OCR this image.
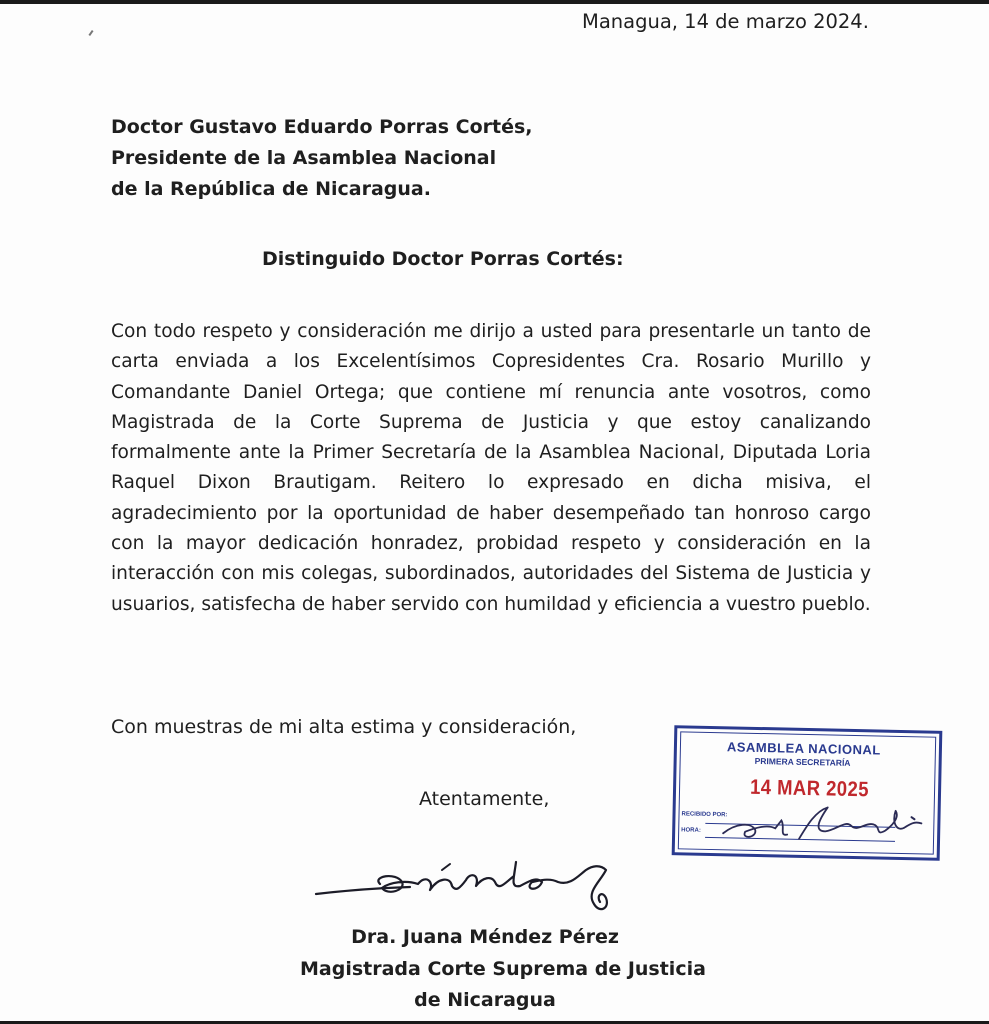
Managua, 14 de marzo 2024.
Doctor Gustavo Eduardo Porras Cortés,
Presidente de la Asamblea Nacional
de la República de Nicaragua.
Distinguido Doctor Porras Cortés:
Con todo respeto y consideración me dirijo a usted para presentarle un tanto de carta enviada a los Excelentísimos Copresidentes Cra. Rosario Murillo y Comandante Daniel Ortega; que contiene mí renuncia ante vosotros, como Magistrada de la Corte Suprema de Justicia y que estoy canalizando formalmente ante la Primer Secretaría de la Asamblea Nacional, Diputada Loria Raquel Dixon Brautigam. Reitero lo expresado en dicha misiva, el agradecimiento por la oportunidad de haber desempeñado tan honroso cargo con la mayor dedicación honradez, probidad respeto y consideración en la interacción con mis colegas, subordinados, autoridades del Sistema de Justicia y usuarios, satisfecha de haber servido con humildad y eficiencia a vuestro pueblo.
Con muestras de mi alta estima y consideración,
Atentamente,
Dra. Juana Méndez Pérez
Magistrada Corte Suprema de Justicia
de Nicaragua
ASAMBLEA NACIONAL
PRIMERA SECRETARÍA
14 MAR 2025
RECIBIDO POR:
HORA:
